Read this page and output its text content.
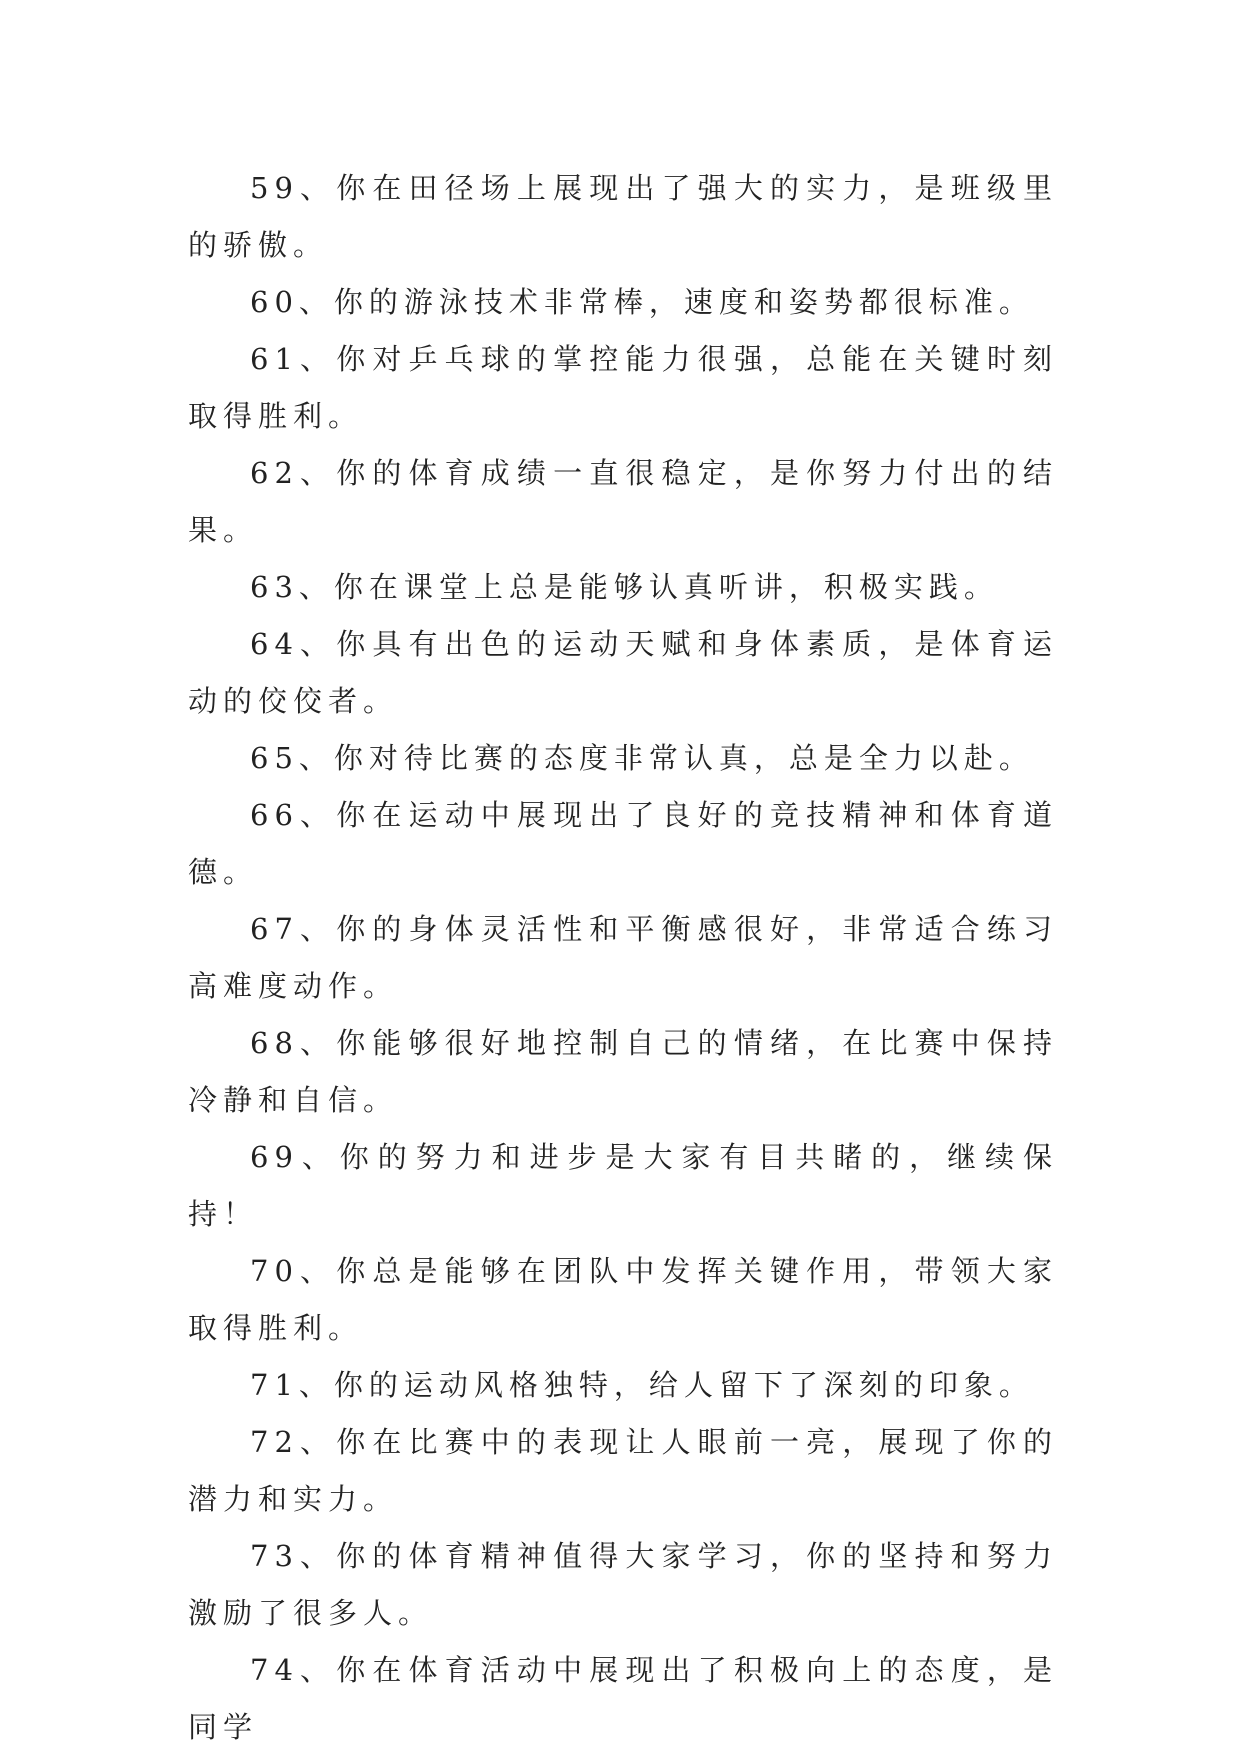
59、你在田径场上展现出了强大的实力，是班级里的骄傲。

60、你的游泳技术非常棒，速度和姿势都很标准。

61、你对乒乓球的掌控能力很强，总能在关键时刻取得胜利。

62、你的体育成绩一直很稳定，是你努力付出的结果。

63、你在课堂上总是能够认真听讲，积极实践。

64、你具有出色的运动天赋和身体素质，是体育运动的佼佼者。

65、你对待比赛的态度非常认真，总是全力以赴。

66、你在运动中展现出了良好的竞技精神和体育道德。

67、你的身体灵活性和平衡感很好，非常适合练习高难度动作。

68、你能够很好地控制自己的情绪，在比赛中保持冷静和自信。

69、你的努力和进步是大家有目共睹的，继续保持！

70、你总是能够在团队中发挥关键作用，带领大家取得胜利。

71、你的运动风格独特，给人留下了深刻的印象。

72、你在比赛中的表现让人眼前一亮，展现了你的潜力和实力。

73、你的体育精神值得大家学习，你的坚持和努力激励了很多人。

74、你在体育活动中展现出了积极向上的态度，是同学
